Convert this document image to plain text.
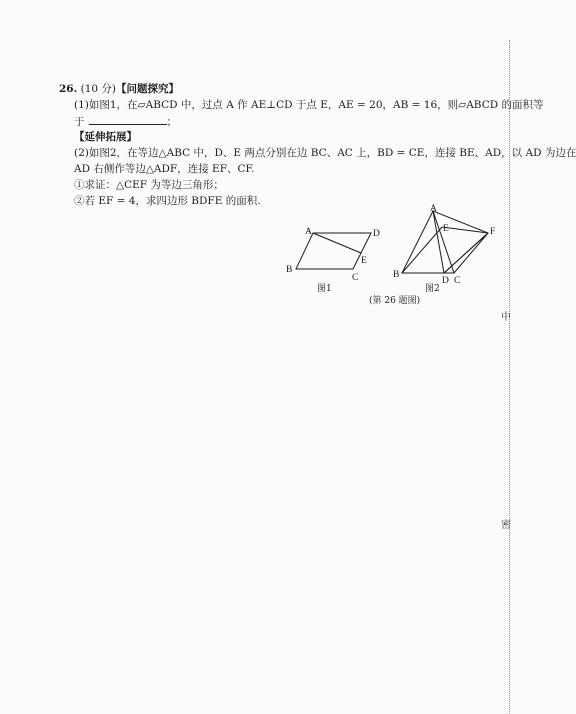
26. (10 分)【问题探究】
(1)如图1，在▱ABCD 中，过点 A 作 AE⊥CD 于点 E，AE = 20，AB = 16，则▱ABCD 的面积等
于	；
【延伸拓展】
(2)如图2，在等边△ABC 中，D、E 两点分别在边 BC、AC 上，BD = CE，连接 BE、AD，以 AD 为边在
AD 右侧作等边△ADF，连接 EF、CF.
①求证：△CEF 为等边三角形；
②若 EF = 4，求四边形 BDFE 的面积.
A	D
E
B
C
图1
A
E	F
B
D C
图2
(第 26 题图)
中
密
